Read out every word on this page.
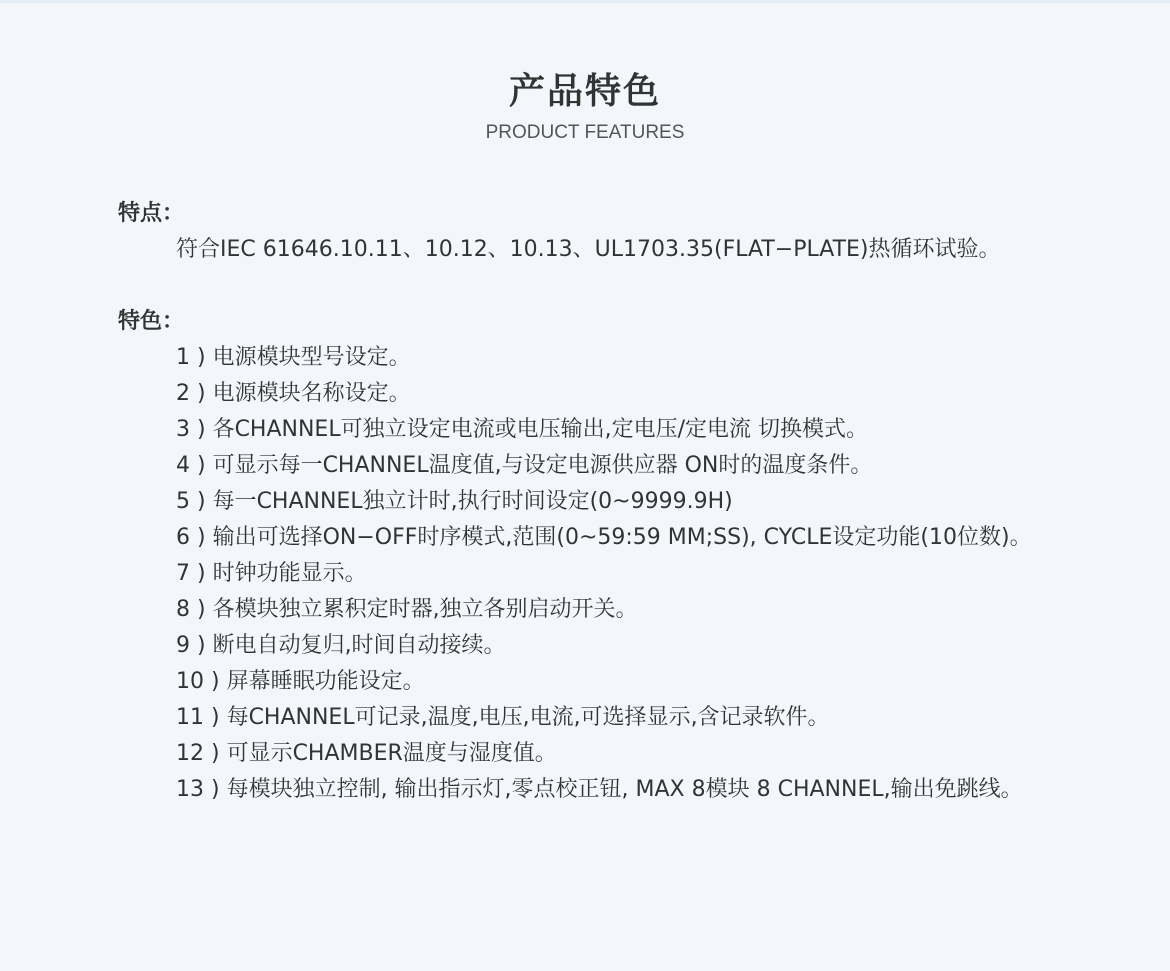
产品特色
PRODUCT FEATURES
特点：

符合IEC 61646.10.11、10.12、10.13、UL1703.35(FLAT−PLATE)热循环试验。

特色：
1 ) 电源模块型号设定。
2 ) 电源模块名称设定。
3 ) 各CHANNEL可独立设定电流或电压输出,定电压/定电流 切换模式。
4 ) 可显示每一CHANNEL温度值,与设定电源供应器 ON时的温度条件。
5 ) 每一CHANNEL独立计时,执行时间设定(0~9999.9H)
6 ) 输出可选择ON−OFF时序模式,范围(0~59:59 MM;SS), CYCLE设定功能(10位数)。
7 ) 时钟功能显示。
8 ) 各模块独立累积定时器,独立各别启动开关。
9 ) 断电自动复归,时间自动接续。
10 ) 屏幕睡眠功能设定。
11 ) 每CHANNEL可记录,温度,电压,电流,可选择显示,含记录软件。
12 ) 可显示CHAMBER温度与湿度值。
13 ) 每模块独立控制, 输出指示灯,零点校正钮, MAX 8模块 8 CHANNEL,输出免跳线。
